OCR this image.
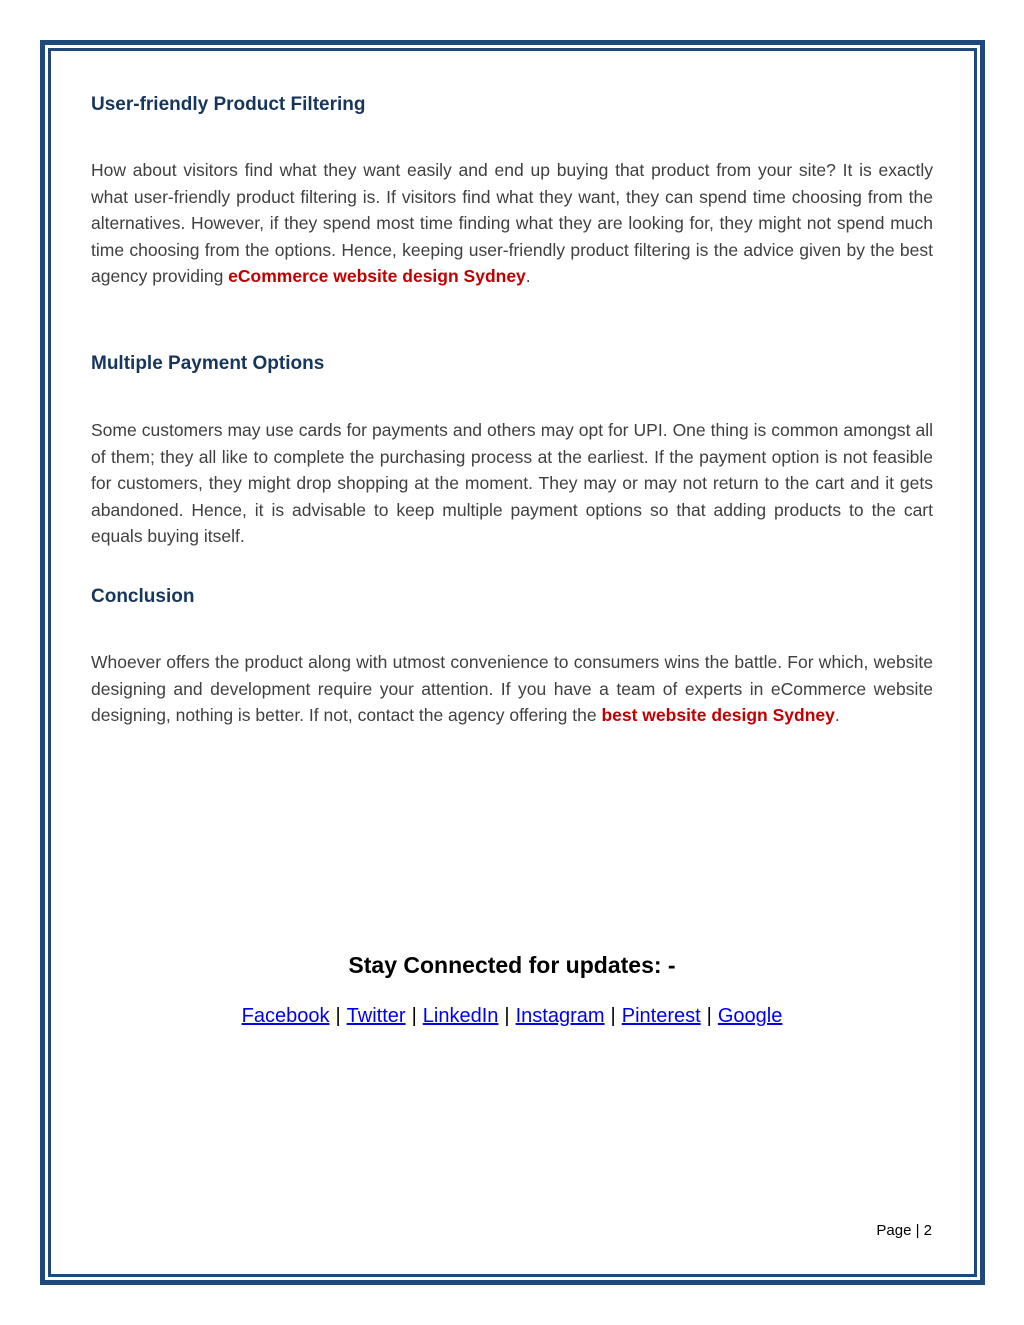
User-friendly Product Filtering

How about visitors find what they want easily and end up buying that product from your site? It is exactly what user-friendly product filtering is. If visitors find what they want, they can spend time choosing from the alternatives. However, if they spend most time finding what they are looking for, they might not spend much time choosing from the options. Hence, keeping user-friendly product filtering is the advice given by the best agency providing eCommerce website design Sydney.

Multiple Payment Options

Some customers may use cards for payments and others may opt for UPI. One thing is common amongst all of them; they all like to complete the purchasing process at the earliest. If the payment option is not feasible for customers, they might drop shopping at the moment. They may or may not return to the cart and it gets abandoned. Hence, it is advisable to keep multiple payment options so that adding products to the cart equals buying itself.

Conclusion

Whoever offers the product along with utmost convenience to consumers wins the battle. For which, website designing and development require your attention. If you have a team of experts in eCommerce website designing, nothing is better. If not, contact the agency offering the best website design Sydney.

Stay Connected for updates: -
Facebook | Twitter | LinkedIn | Instagram | Pinterest | Google
Page | 2
